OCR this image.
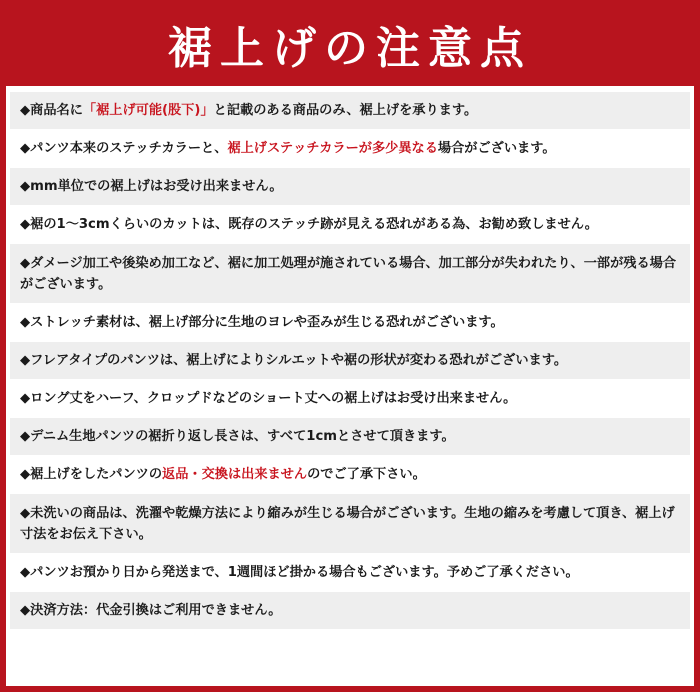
裾上げの注意点
◆商品名に「裾上げ可能(股下)」と記載のある商品のみ、裾上げを承ります。
◆パンツ本来のステッチカラーと、裾上げステッチカラーが多少異なる場合がございます。
◆mm単位での裾上げはお受け出来ません。
◆裾の1～3cmくらいのカットは、既存のステッチ跡が見える恐れがある為、お勧め致しません。
◆ダメージ加工や後染め加工など、裾に加工処理が施されている場合、加工部分が失われたり、一部が残る場合がございます。
◆ストレッチ素材は、裾上げ部分に生地のヨレや歪みが生じる恐れがございます。
◆フレアタイプのパンツは、裾上げによりシルエットや裾の形状が変わる恐れがございます。
◆ロング丈をハーフ、クロップドなどのショート丈への裾上げはお受け出来ません。
◆デニム生地パンツの裾折り返し長さは、すべて1cmとさせて頂きます。
◆裾上げをしたパンツの返品・交換は出来ませんのでご了承下さい。
◆未洗いの商品は、洗濯や乾燥方法により縮みが生じる場合がございます。生地の縮みを考慮して頂き、裾上げ寸法をお伝え下さい。
◆パンツお預かり日から発送まで、1週間ほど掛かる場合もございます。予めご了承ください。
◆決済方法：代金引換はご利用できません。
